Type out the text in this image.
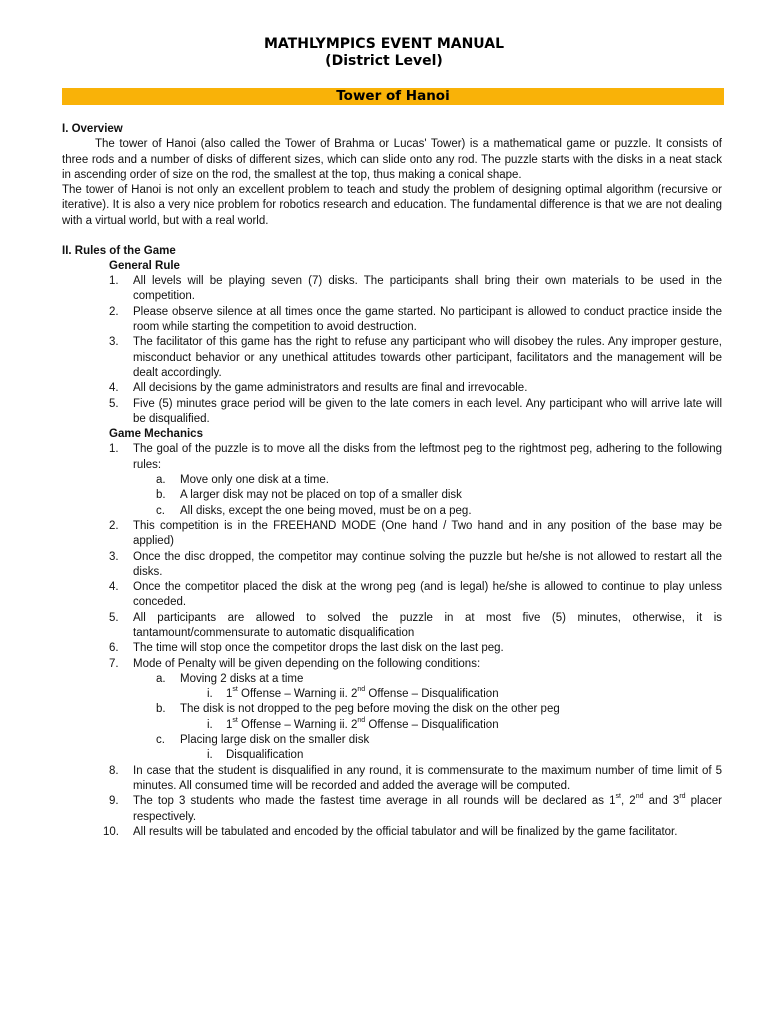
MATHLYMPICS EVENT MANUAL
(District Level)
Tower of Hanoi
I. Overview

The tower of Hanoi (also called the Tower of Brahma or Lucas' Tower) is a mathematical game or puzzle. It consists of three rods and a number of disks of different sizes, which can slide onto any rod. The puzzle starts with the disks in a neat stack in ascending order of size on the rod, the smallest at the top, thus making a conical shape.

The tower of Hanoi is not only an excellent problem to teach and study the problem of designing optimal algorithm (recursive or iterative). It is also a very nice problem for robotics research and education. The fundamental difference is that we are not dealing with a virtual world, but with a real world.

II. Rules of the Game
General Rule
1. All levels will be playing seven (7) disks. The participants shall bring their own materials to be used in the competition.
2. Please observe silence at all times once the game started. No participant is allowed to conduct practice inside the room while starting the competition to avoid destruction.
3. The facilitator of this game has the right to refuse any participant who will disobey the rules. Any improper gesture, misconduct behavior or any unethical attitudes towards other participant, facilitators and the management will be dealt accordingly.
4. All decisions by the game administrators and results are final and irrevocable.
5. Five (5) minutes grace period will be given to the late comers in each level. Any participant who will arrive late will be disqualified.
Game Mechanics
1. The goal of the puzzle is to move all the disks from the leftmost peg to the rightmost peg, adhering to the following rules:
a. Move only one disk at a time.
b. A larger disk may not be placed on top of a smaller disk
c. All disks, except the one being moved, must be on a peg.
2. This competition is in the FREEHAND MODE (One hand / Two hand and in any position of the base may be applied)
3. Once the disc dropped, the competitor may continue solving the puzzle but he/she is not allowed to restart all the disks.
4. Once the competitor placed the disk at the wrong peg (and is legal) he/she is allowed to continue to play unless conceded.
5. All participants are allowed to solved the puzzle in at most five (5) minutes, otherwise, it is tantamount/commensurate to automatic disqualification
6. The time will stop once the competitor drops the last disk on the last peg.
7. Mode of Penalty will be given depending on the following conditions:
a. Moving 2 disks at a time
i. 1st Offense – Warning ii. 2nd Offense – Disqualification
b. The disk is not dropped to the peg before moving the disk on the other peg
i. 1st Offense – Warning ii. 2nd Offense – Disqualification
c. Placing large disk on the smaller disk
i. Disqualification
8. In case that the student is disqualified in any round, it is commensurate to the maximum number of time limit of 5 minutes. All consumed time will be recorded and added the average will be computed.
9. The top 3 students who made the fastest time average in all rounds will be declared as 1st, 2nd and 3rd placer respectively.
10. All results will be tabulated and encoded by the official tabulator and will be finalized by the game facilitator.
